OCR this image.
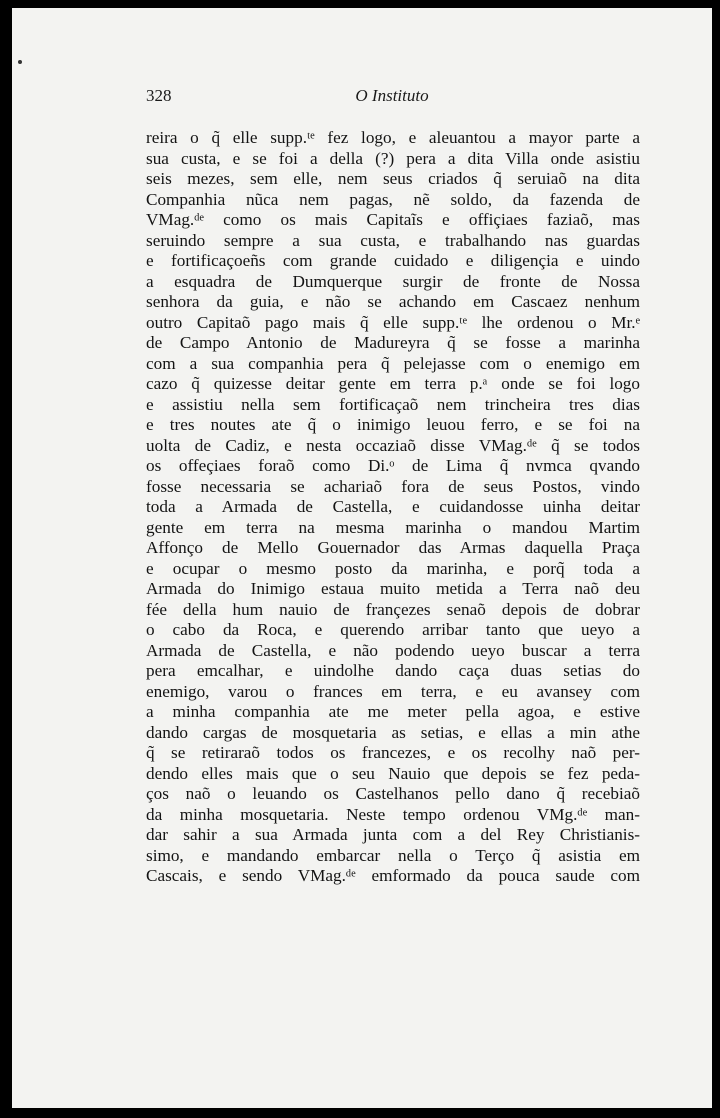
328	O Instituto
reira o q̃ elle supp.ᵗᵉ fez logo, e aleuantou a mayor parte a
sua custa, e se foi a della (?) pera a dita Villa onde asistiu
seis mezes, sem elle, nem seus criados q̃ seruiaõ na dita
Companhia nũca nem pagas, nẽ soldo, da fazenda de
VMag.ᵈᵉ como os mais Capitaĩs e offiçiaes faziaõ, mas
seruindo sempre a sua custa, e trabalhando nas guardas
e fortificaçoeñs com grande cuidado e diligençia e uindo
a esquadra de Dumquerque surgir de fronte de Nossa
senhora da guia, e não se achando em Cascaez nenhum
outro Capitaõ pago mais q̃ elle supp.ᵗᵉ lhe ordenou o Mr.ᵉ
de Campo Antonio de Madureyra q̃ se fosse a marinha
com a sua companhia pera q̃ pelejasse com o enemigo em
cazo q̃ quizesse deitar gente em terra p.ᵃ onde se foi logo
e assistiu nella sem fortificaçaõ nem trincheira tres dias
e tres noutes ate q̃ o inimigo leuou ferro, e se foi na
uolta de Cadiz, e nesta occaziaõ disse VMag.ᵈᵉ q̃ se todos
os offeçiaes foraõ como Di.ᵒ de Lima q̃ nvmca qvando
fosse necessaria se achariaõ fora de seus Postos, vindo
toda a Armada de Castella, e cuidandosse uinha deitar
gente em terra na mesma marinha o mandou Martim
Affonço de Mello Gouernador das Armas daquella Praça
e ocupar o mesmo posto da marinha, e porq̃ toda a
Armada do Inimigo estaua muito metida a Terra naõ deu
fée della hum nauio de françezes senaõ depois de dobrar
o cabo da Roca, e querendo arribar tanto que ueyo a
Armada de Castella, e não podendo ueyo buscar a terra
pera emcalhar, e uindolhe dando caça duas setias do
enemigo, varou o frances em terra, e eu avansey com
a minha companhia ate me meter pella agoa, e estive
dando cargas de mosquetaria as setias, e ellas a min athe
q̃ se retiraraõ todos os francezes, e os recolhy naõ per-
dendo elles mais que o seu Nauio que depois se fez peda-
ços naõ o leuando os Castelhanos pello dano q̃ recebiaõ
da minha mosquetaria. Neste tempo ordenou VMg.ᵈᵉ man-
dar sahir a sua Armada junta com a del Rey Christianis-
simo, e mandando embarcar nella o Terço q̃ asistia em
Cascais, e sendo VMag.ᵈᵉ emformado da pouca saude com
